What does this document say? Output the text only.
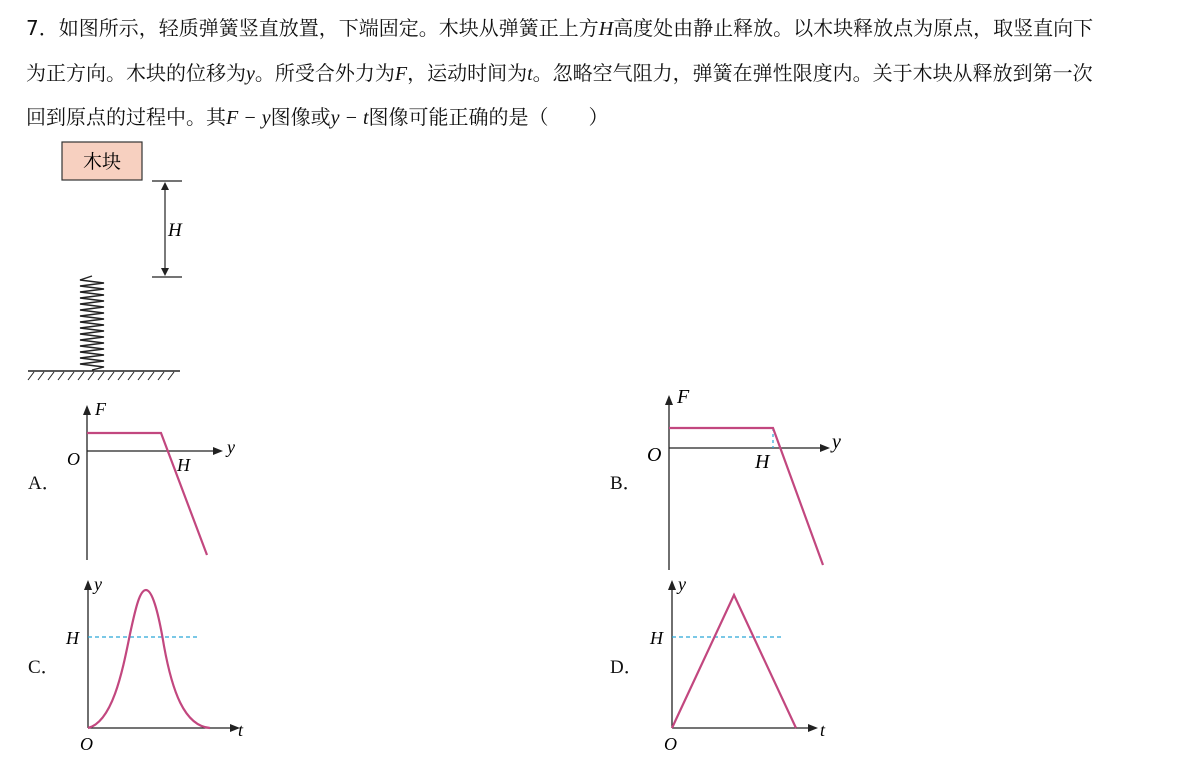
7．如图所示，轻质弹簧竖直放置，下端固定。木块从弹簧正上方H高度处由静止释放。以木块释放点为原点，取竖直向下
为正方向。木块的位移为y。所受合外力为F，运动时间为t。忽略空气阻力，弹簧在弹性限度内。关于木块从释放到第一次
回到原点的过程中。其F − y图像或y − t图像可能正确的是（　　）
木块
H
A．
F
y
O	H
B．
F
y
O	H
C．
y
t
O
H
D．
y
t
O
H
